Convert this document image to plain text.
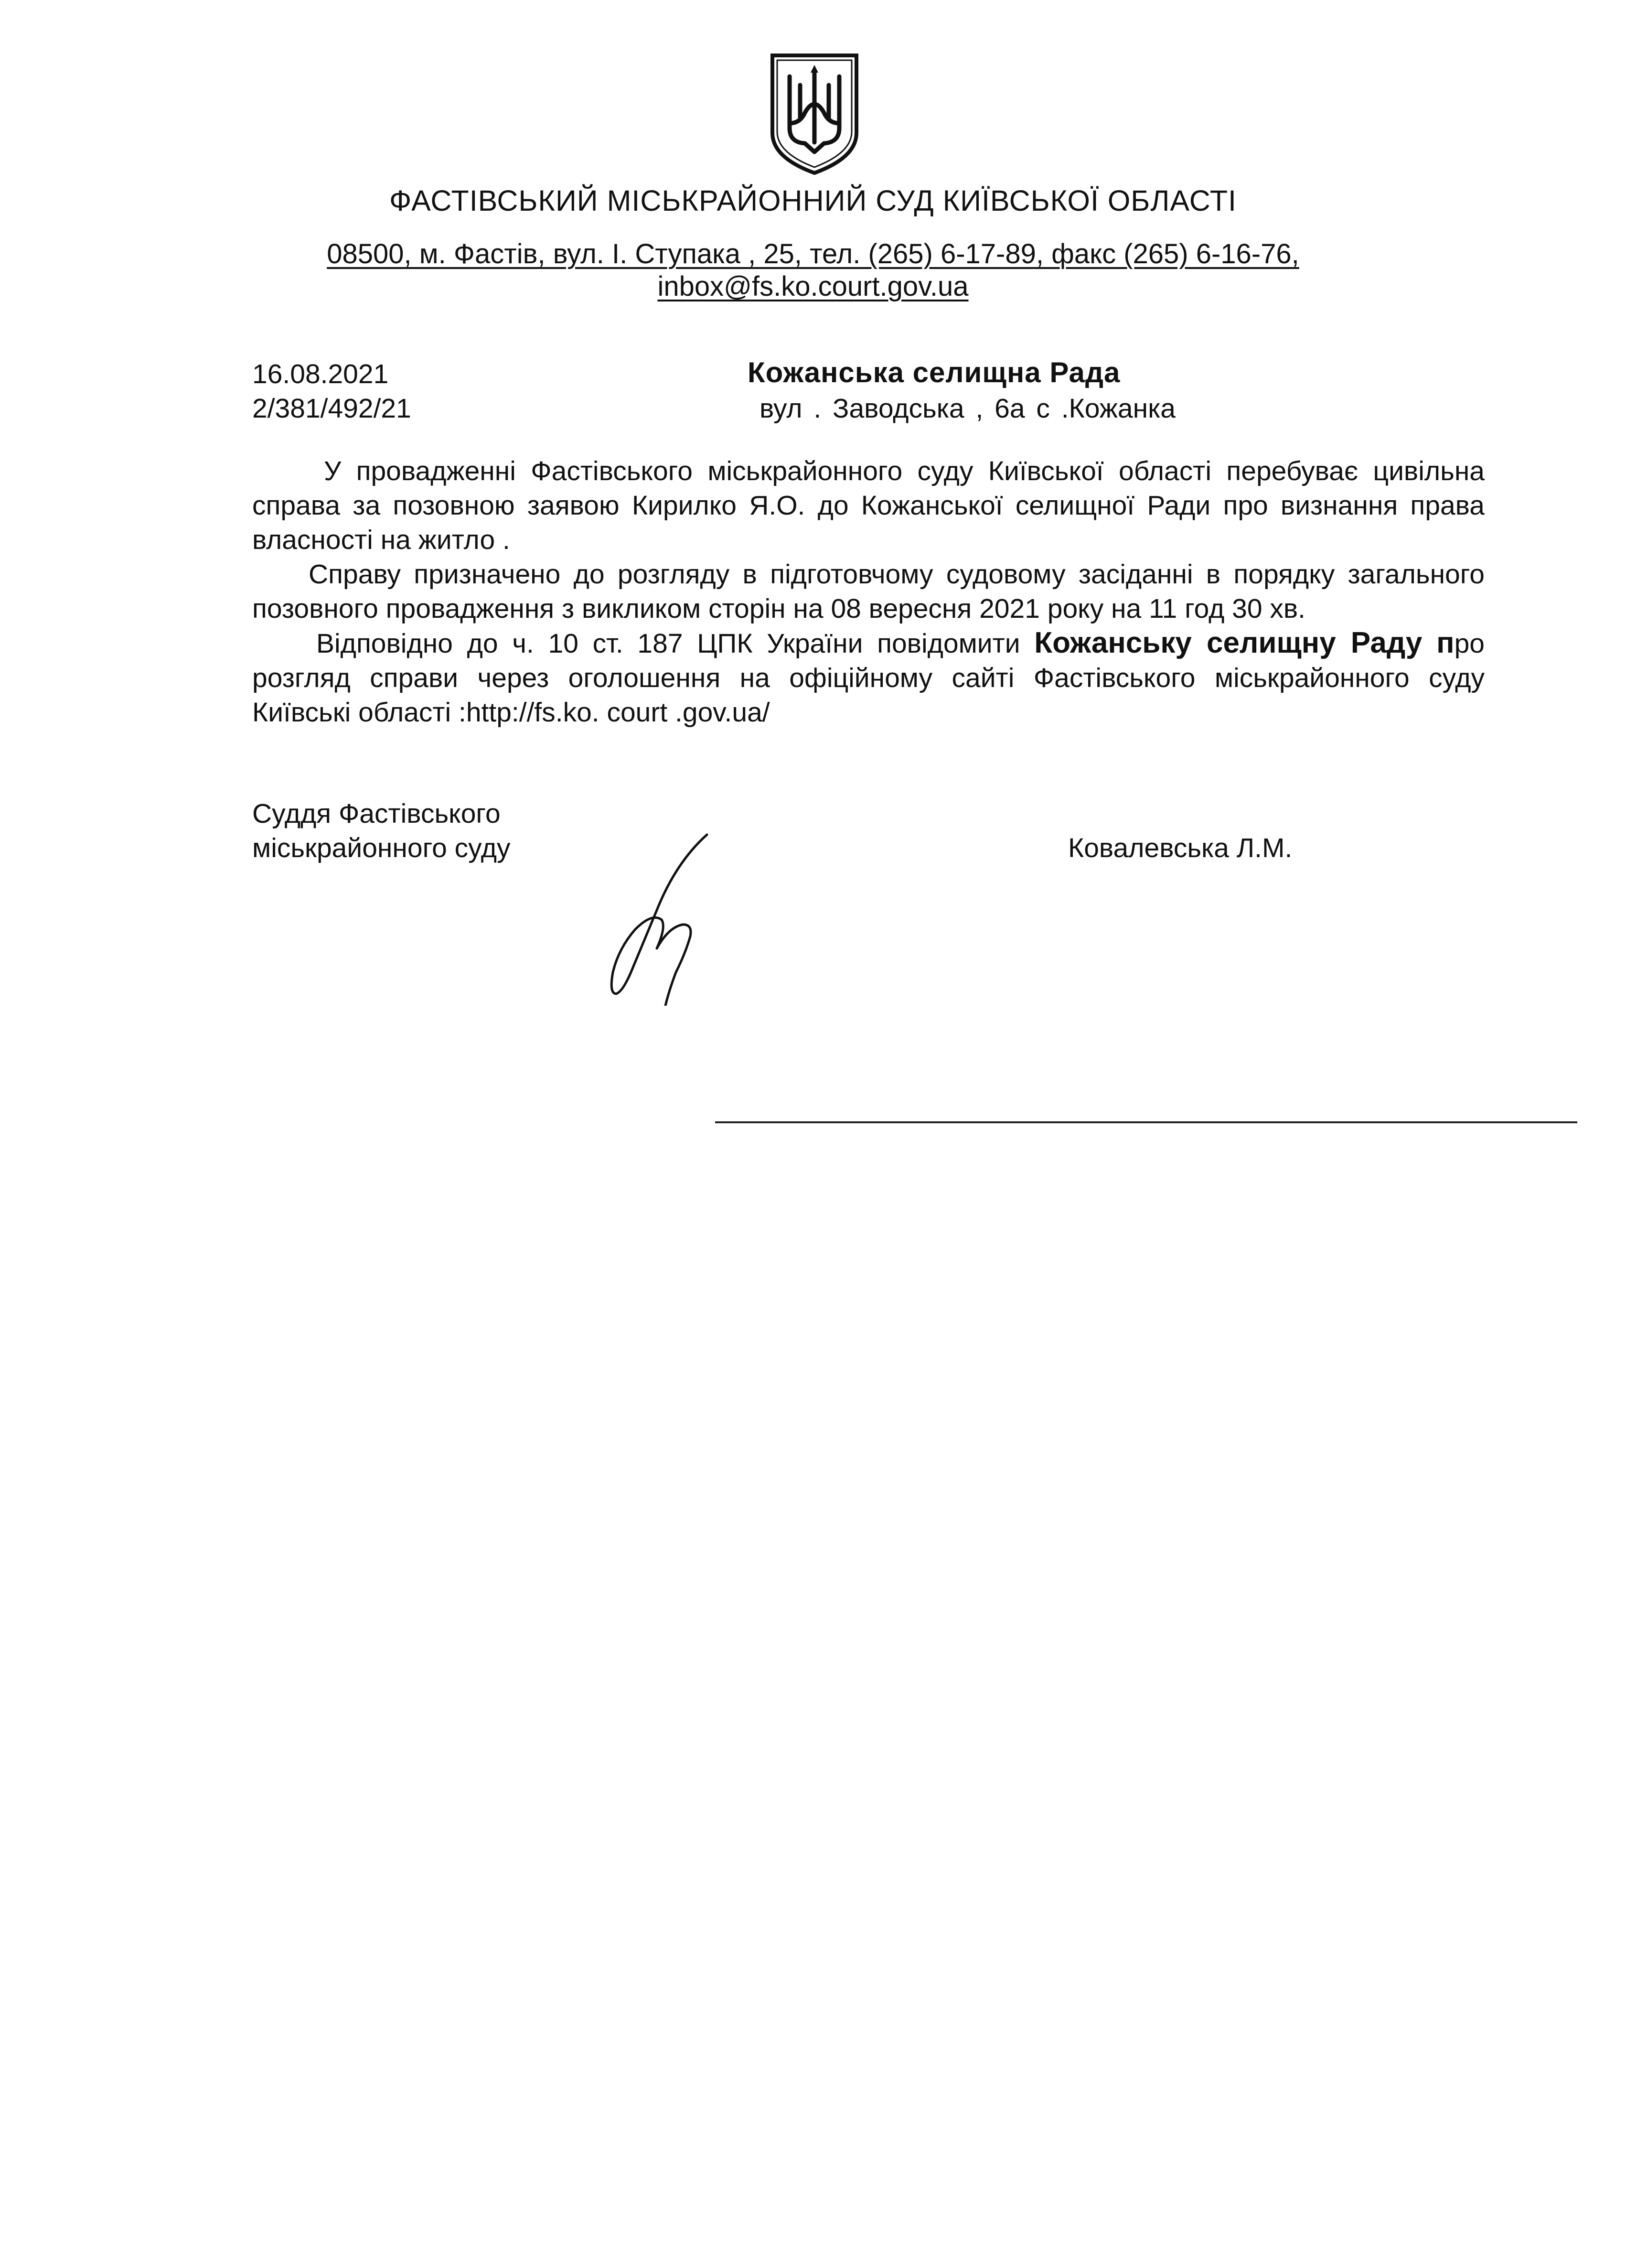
ФАСТІВСЬКИЙ МІСЬКРАЙОННИЙ СУД КИЇВСЬКОЇ ОБЛАСТІ
08500, м. Фастів, вул. І. Ступака , 25, тел. (265) 6-17-89, факс (265) 6-16-76,
inbox@fs.ko.court.gov.ua
16.08.2021
2/381/492/21
Кожанська селищна Рада
вул . Заводська , 6а с .Кожанка

У провадженні Фастівського міськрайонного суду Київської області перебуває цивільна справа за позовною заявою Кирилко Я.О. до Кожанської селищної Ради про визнання права власності на житло .

Справу призначено до розгляду в підготовчому судовому засіданні в порядку загального позовного провадження з викликом сторін на 08 вересня 2021 року на 11 год 30 хв.

Відповідно до ч. 10 ст. 187 ЦПК України повідомити Кожанську селищну Раду про розгляд справи через оголошення на офіційному сайті Фастівського міськрайонного суду Київські області :http://fs.ko. court .gov.ua/

Суддя Фастівського
міськрайонного суду	Ковалевська Л.М.
